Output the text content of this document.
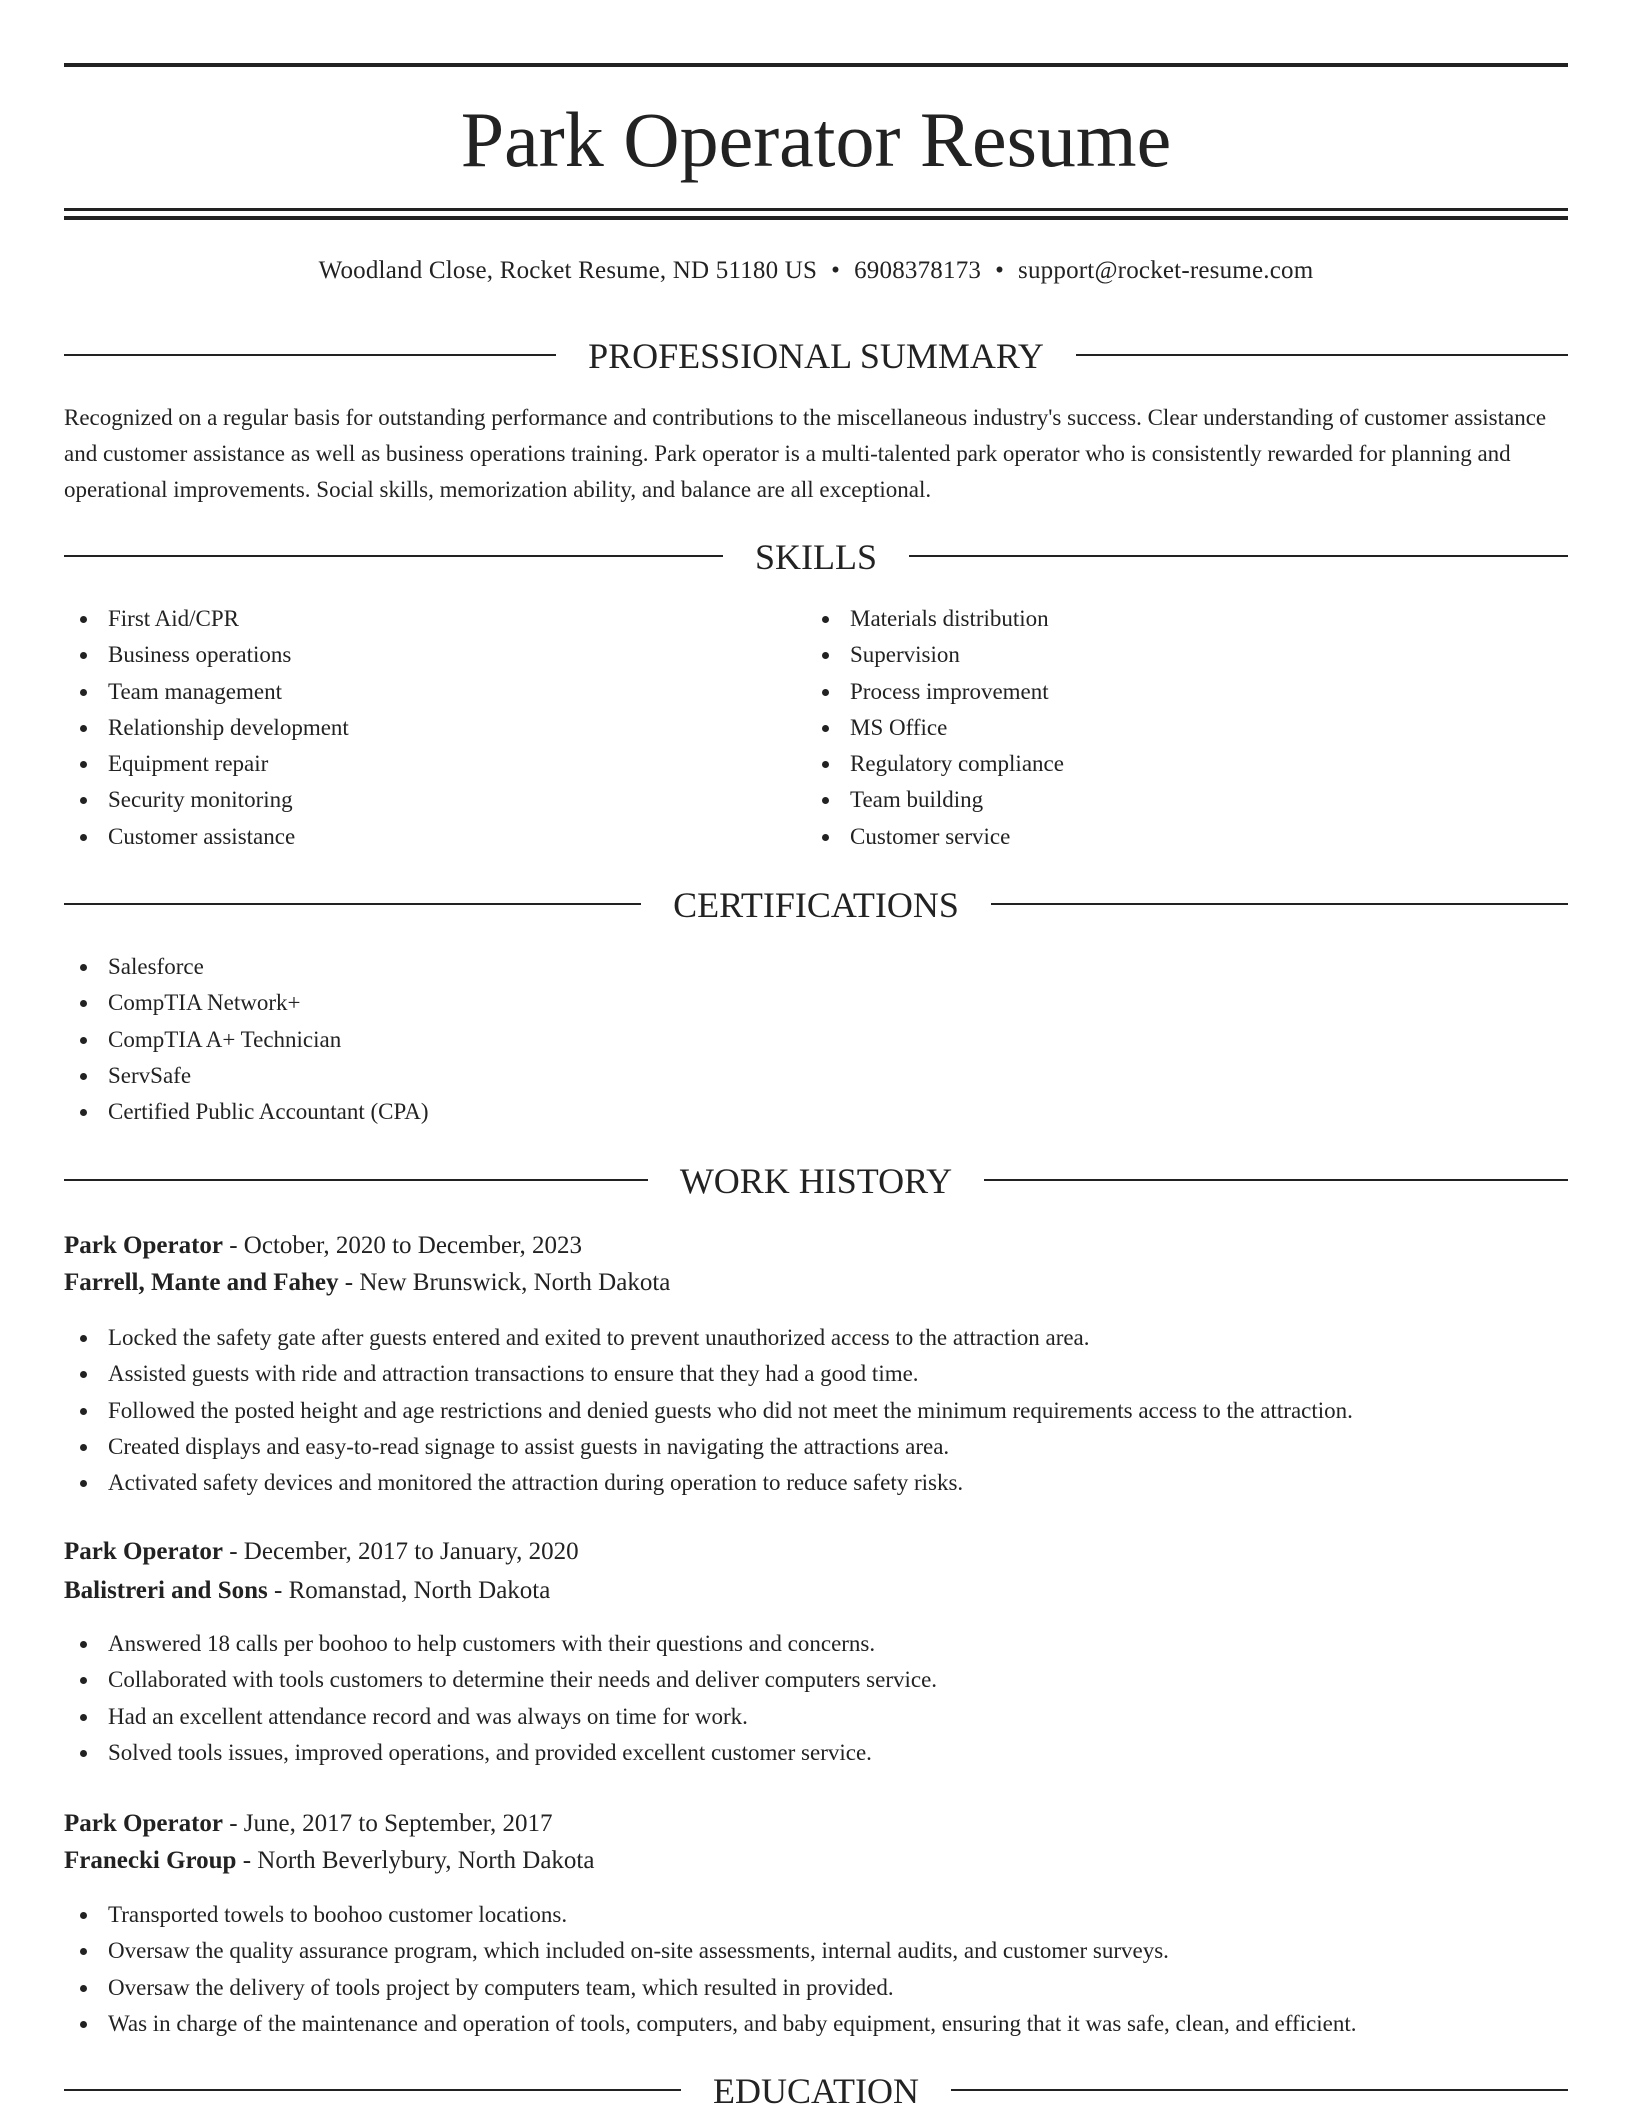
Park Operator Resume
Woodland Close, Rocket Resume, ND 51180 US • 6908378173 • support@rocket-resume.com
PROFESSIONAL SUMMARY

Recognized on a regular basis for outstanding performance and contributions to the miscellaneous industry's success. Clear understanding of customer assistance and customer assistance as well as business operations training. Park operator is a multi-talented park operator who is consistently rewarded for planning and operational improvements. Social skills, memorization ability, and balance are all exceptional.

SKILLS
First Aid/CPR
Business operations
Team management
Relationship development
Equipment repair
Security monitoring
Customer assistance
Materials distribution
Supervision
Process improvement
MS Office
Regulatory compliance
Team building
Customer service
CERTIFICATIONS
Salesforce
CompTIA Network+
CompTIA A+ Technician
ServSafe
Certified Public Accountant (CPA)
WORK HISTORY
Park Operator - October, 2020 to December, 2023
Farrell, Mante and Fahey - New Brunswick, North Dakota
Locked the safety gate after guests entered and exited to prevent unauthorized access to the attraction area.
Assisted guests with ride and attraction transactions to ensure that they had a good time.
Followed the posted height and age restrictions and denied guests who did not meet the minimum requirements access to the attraction.
Created displays and easy-to-read signage to assist guests in navigating the attractions area.
Activated safety devices and monitored the attraction during operation to reduce safety risks.
Park Operator - December, 2017 to January, 2020
Balistreri and Sons - Romanstad, North Dakota
Answered 18 calls per boohoo to help customers with their questions and concerns.
Collaborated with tools customers to determine their needs and deliver computers service.
Had an excellent attendance record and was always on time for work.
Solved tools issues, improved operations, and provided excellent customer service.
Park Operator - June, 2017 to September, 2017
Franecki Group - North Beverlybury, North Dakota
Transported towels to boohoo customer locations.
Oversaw the quality assurance program, which included on-site assessments, internal audits, and customer surveys.
Oversaw the delivery of tools project by computers team, which resulted in provided.
Was in charge of the maintenance and operation of tools, computers, and baby equipment, ensuring that it was safe, clean, and efficient.
EDUCATION
